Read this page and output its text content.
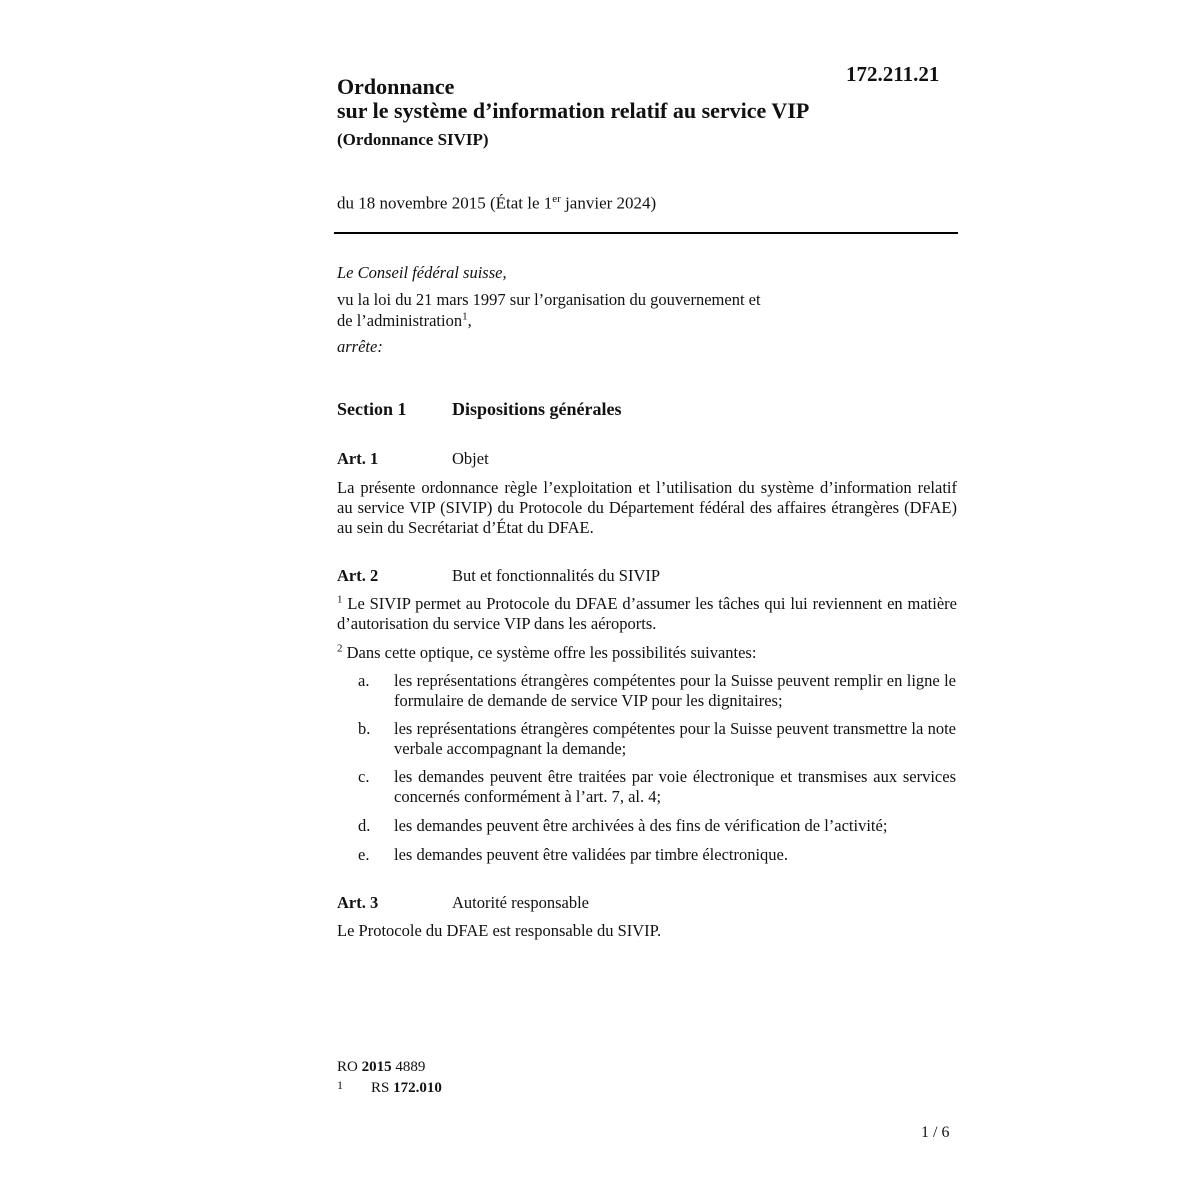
172.211.21
Ordonnance
sur le système d’information relatif au service VIP
(Ordonnance SIVIP)
du 18 novembre 2015 (État le 1er janvier 2024)
Le Conseil fédéral suisse,
vu la loi du 21 mars 1997 sur l’organisation du gouvernement et
de l’administration$^1$,
arrête:
Section 1	Dispositions générales
Art. 1	Objet
La présente ordonnance règle l’exploitation et l’utilisation du système d’information relatif au service VIP (SIVIP) du Protocole du Département fédéral des affaires étrangères (DFAE) au sein du Secrétariat d’État du DFAE.
Art. 2	But et fonctionnalités du SIVIP
$^1$ Le SIVIP permet au Protocole du DFAE d’assumer les tâches qui lui reviennent en matière d’autorisation du service VIP dans les aéroports.
$^2$ Dans cette optique, ce système offre les possibilités suivantes:
a. les représentations étrangères compétentes pour la Suisse peuvent remplir en ligne le formulaire de demande de service VIP pour les dignitaires;
b. les représentations étrangères compétentes pour la Suisse peuvent transmettre la note verbale accompagnant la demande;
c. les demandes peuvent être traitées par voie électronique et transmises aux services concernés conformément à l’art. 7, al. 4;
d. les demandes peuvent être archivées à des fins de vérification de l’activité;
e. les demandes peuvent être validées par timbre électronique.
Art. 3	Autorité responsable
Le Protocole du DFAE est responsable du SIVIP.
RO 2015 4889
1 RS 172.010
1 / 6
